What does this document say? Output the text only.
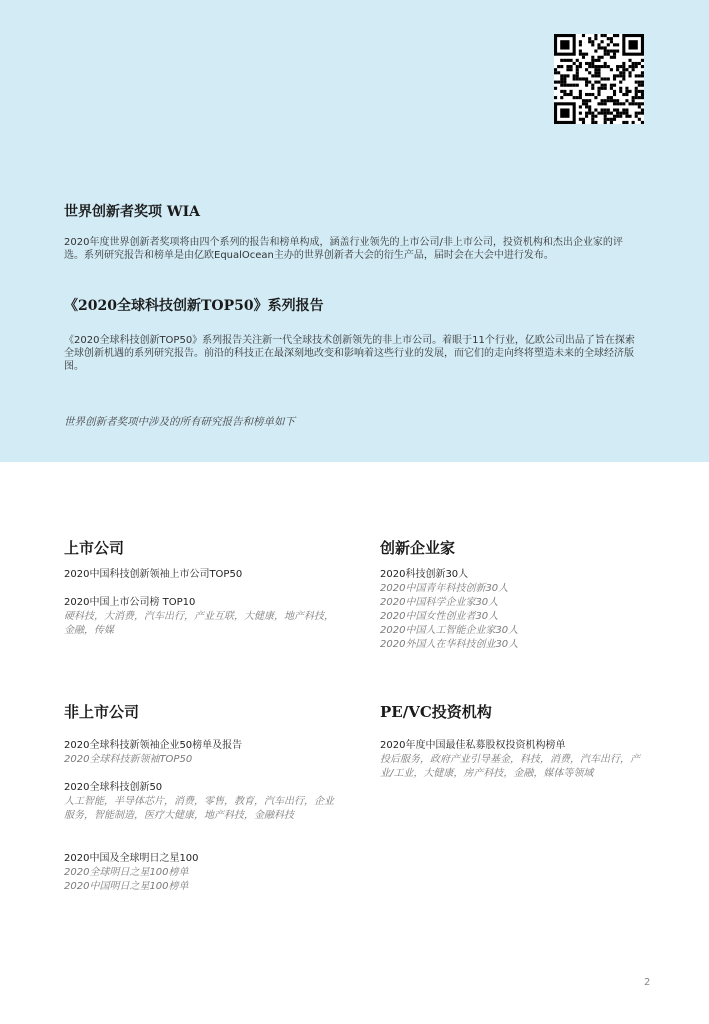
世界创新者奖项 WIA

2020年度世界创新者奖项将由四个系列的报告和榜单构成，涵盖行业领先的上市公司/非上市公司，投资机构和杰出企业家的评选。系列研究报告和榜单是由亿欧EqualOcean主办的世界创新者大会的衍生产品，届时会在大会中进行发布。

《2020全球科技创新TOP50》系列报告

《2020全球科技创新TOP50》系列报告关注新一代全球技术创新领先的非上市公司。着眼于11个行业，亿欧公司出品了旨在探索全球创新机遇的系列研究报告。前沿的科技正在最深刻地改变和影响着这些行业的发展，而它们的走向终将塑造未来的全球经济版图。

世界创新者奖项中涉及的所有研究报告和榜单如下

上市公司

2020中国科技创新领袖上市公司TOP50

2020中国上市公司榜 TOP10

硬科技，大消费，汽车出行，产业互联，大健康，地产科技，金融，传媒

创新企业家

2020科技创新30人

2020中国青年科技创新30人

2020中国科学企业家30人

2020中国女性创业者30人

2020中国人工智能企业家30人

2020外国人在华科技创业30人

非上市公司

2020全球科技新领袖企业50榜单及报告

2020全球科技新领袖TOP50

2020全球科技创新50

人工智能，半导体芯片，消费，零售，教育，汽车出行，企业服务，智能制造，医疗大健康，地产科技，金融科技

2020中国及全球明日之星100

2020全球明日之星100榜单

2020中国明日之星100榜单

PE/VC投资机构

2020年度中国最佳私募股权投资机构榜单

投后服务，政府产业引导基金，科技，消费，汽车出行，产业/工业，大健康，房产科技，金融，媒体等领域

2
